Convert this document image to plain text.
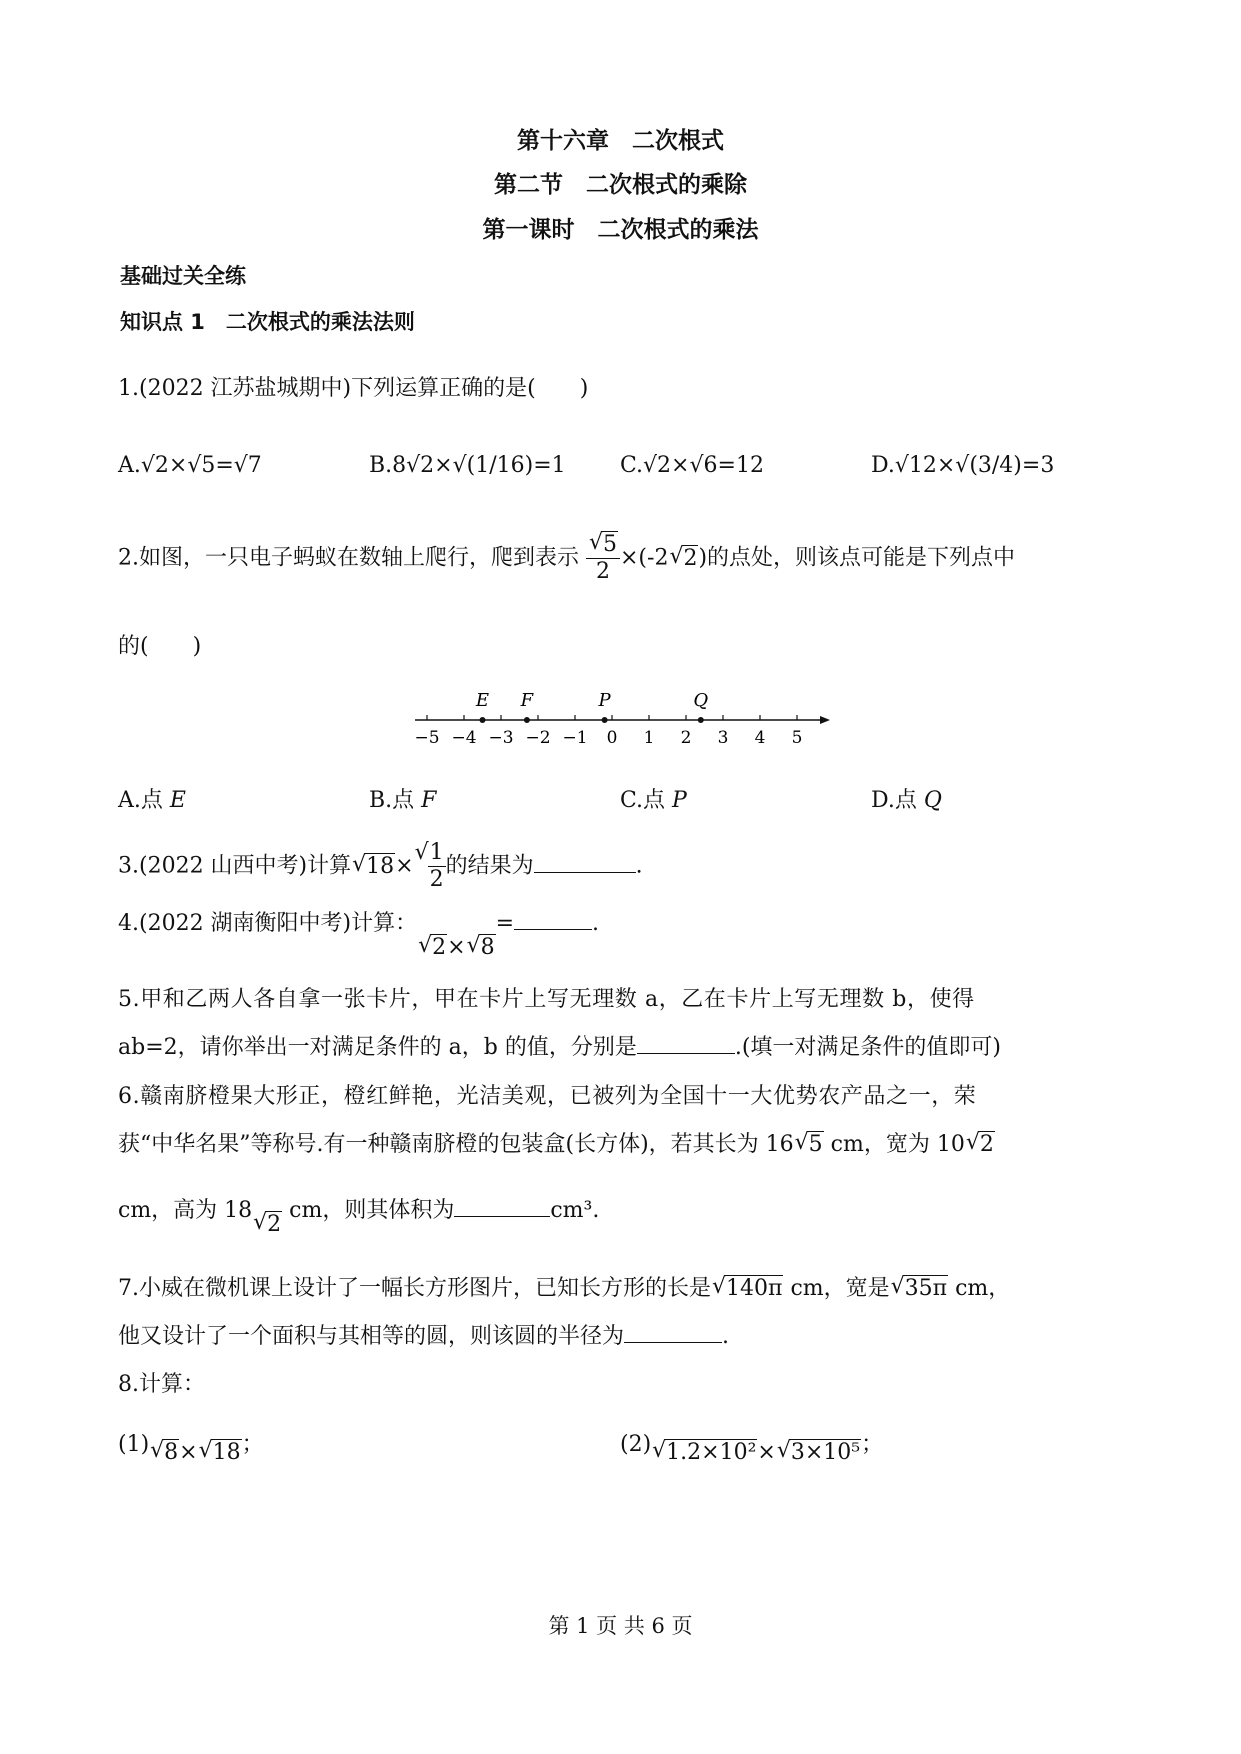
第十六章　二次根式
第二节　二次根式的乘除
第一课时　二次根式的乘法
基础过关全练
知识点 1　二次根式的乘法法则
1.(2022 江苏盐城期中)下列运算正确的是(　　)
A.√2×√5=√7	B.8√2×√(1/16)=1 C.√2×√6=12	D.√12×√(3/4)=3
2.如图，一只电子蚂蚁在数轴上爬行，爬到表示
√ $\frac{5}{2} \times(-2√$ 2)的点处，则该点可能是下列点中
的(　　)
−5 −4 −3 −2 −1 0 1 2 3 4 5
E F	P	Q
A.点 E	B.点 F	C.点 P	D.点 Q
3.(2022 山西中考)计算√ 18×
√ $\frac{1}{2}$ 的结果为	.
4.(2022 湖南衡阳中考)计算：√ 2×√ 8=	.
5.甲和乙两人各自拿一张卡片，甲在卡片上写无理数 a，乙在卡片上写无理数 b，使得
ab=2，请你举出一对满足条件的 a，b 的值，分别是	.(填一对满足条件的值即可)
6.赣南脐橙果大形正，橙红鲜艳，光洁美观，已被列为全国十一大优势农产品之一，荣
获“中华名果”等称号.有一种赣南脐橙的包装盒(长方体)，若其长为 16√ 5 cm，宽为 10√ 2
cm，高为 18√ 2 cm，则其体积为	cm³.
7.小威在微机课上设计了一幅长方形图片，已知长方形的长是√ 140π cm，宽是√ 35π cm，
他又设计了一个面积与其相等的圆，则该圆的半径为	.
8.计算：
(1)√ 8×√ 18；	(2)√ 1.2×10²×√ 3×10⁵；
第 1 页 共 6 页
